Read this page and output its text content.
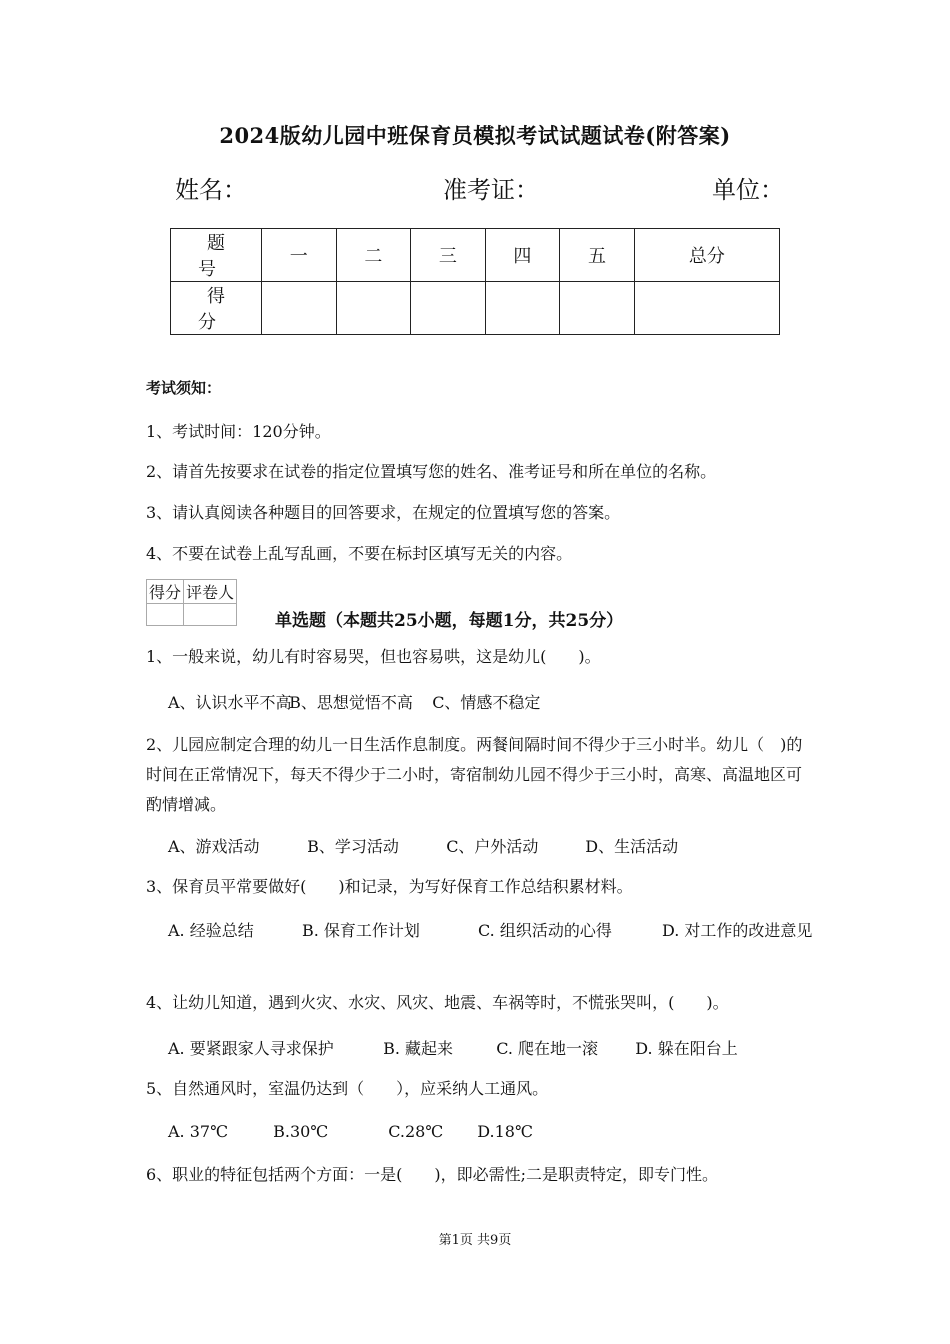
2024版幼儿园中班保育员模拟考试试题试卷(附答案)
姓名：	准考证：	单位：
题　号	一	二	三	四	五	总分
得　分						
考试须知：
1、考试时间：120分钟。
2、请首先按要求在试卷的指定位置填写您的姓名、准考证号和所在单位的名称。
3、请认真阅读各种题目的回答要求，在规定的位置填写您的答案。
4、不要在试卷上乱写乱画，不要在标封区填写无关的内容。
得分	评卷人

单选题（本题共25小题，每题1分，共25分）
1、一般来说，幼儿有时容易哭，但也容易哄，这是幼儿(　　)。
A、认识水平不高 B、思想觉悟不高 C、情感不稳定
2、儿园应制定合理的幼儿一日生活作息制度。两餐间隔时间不得少于三小时半。幼儿（　)的时间在正常情况下，每天不得少于二小时，寄宿制幼儿园不得少于三小时，高寒、高温地区可酌情增减。
A、游戏活动	B、学习活动	C、户外活动	D、生活活动
3、保育员平常要做好(　　)和记录，为写好保育工作总结积累材料。
A. 经验总结	B. 保育工作计划	C. 组织活动的心得	D. 对工作的改进意见
4、让幼儿知道，遇到火灾、水灾、风灾、地震、车祸等时，不慌张哭叫，(　　)。
A. 要紧跟家人寻求保护	B. 藏起来	C. 爬在地一滚 D. 躲在阳台上
5、自然通风时，室温仍达到（　　），应采纳人工通风。
A. 37℃	B.30℃	C.28℃ D.18℃
6、职业的特征包括两个方面：一是(　　)，即必需性;二是职责特定，即专门性。
第1页 共9页
